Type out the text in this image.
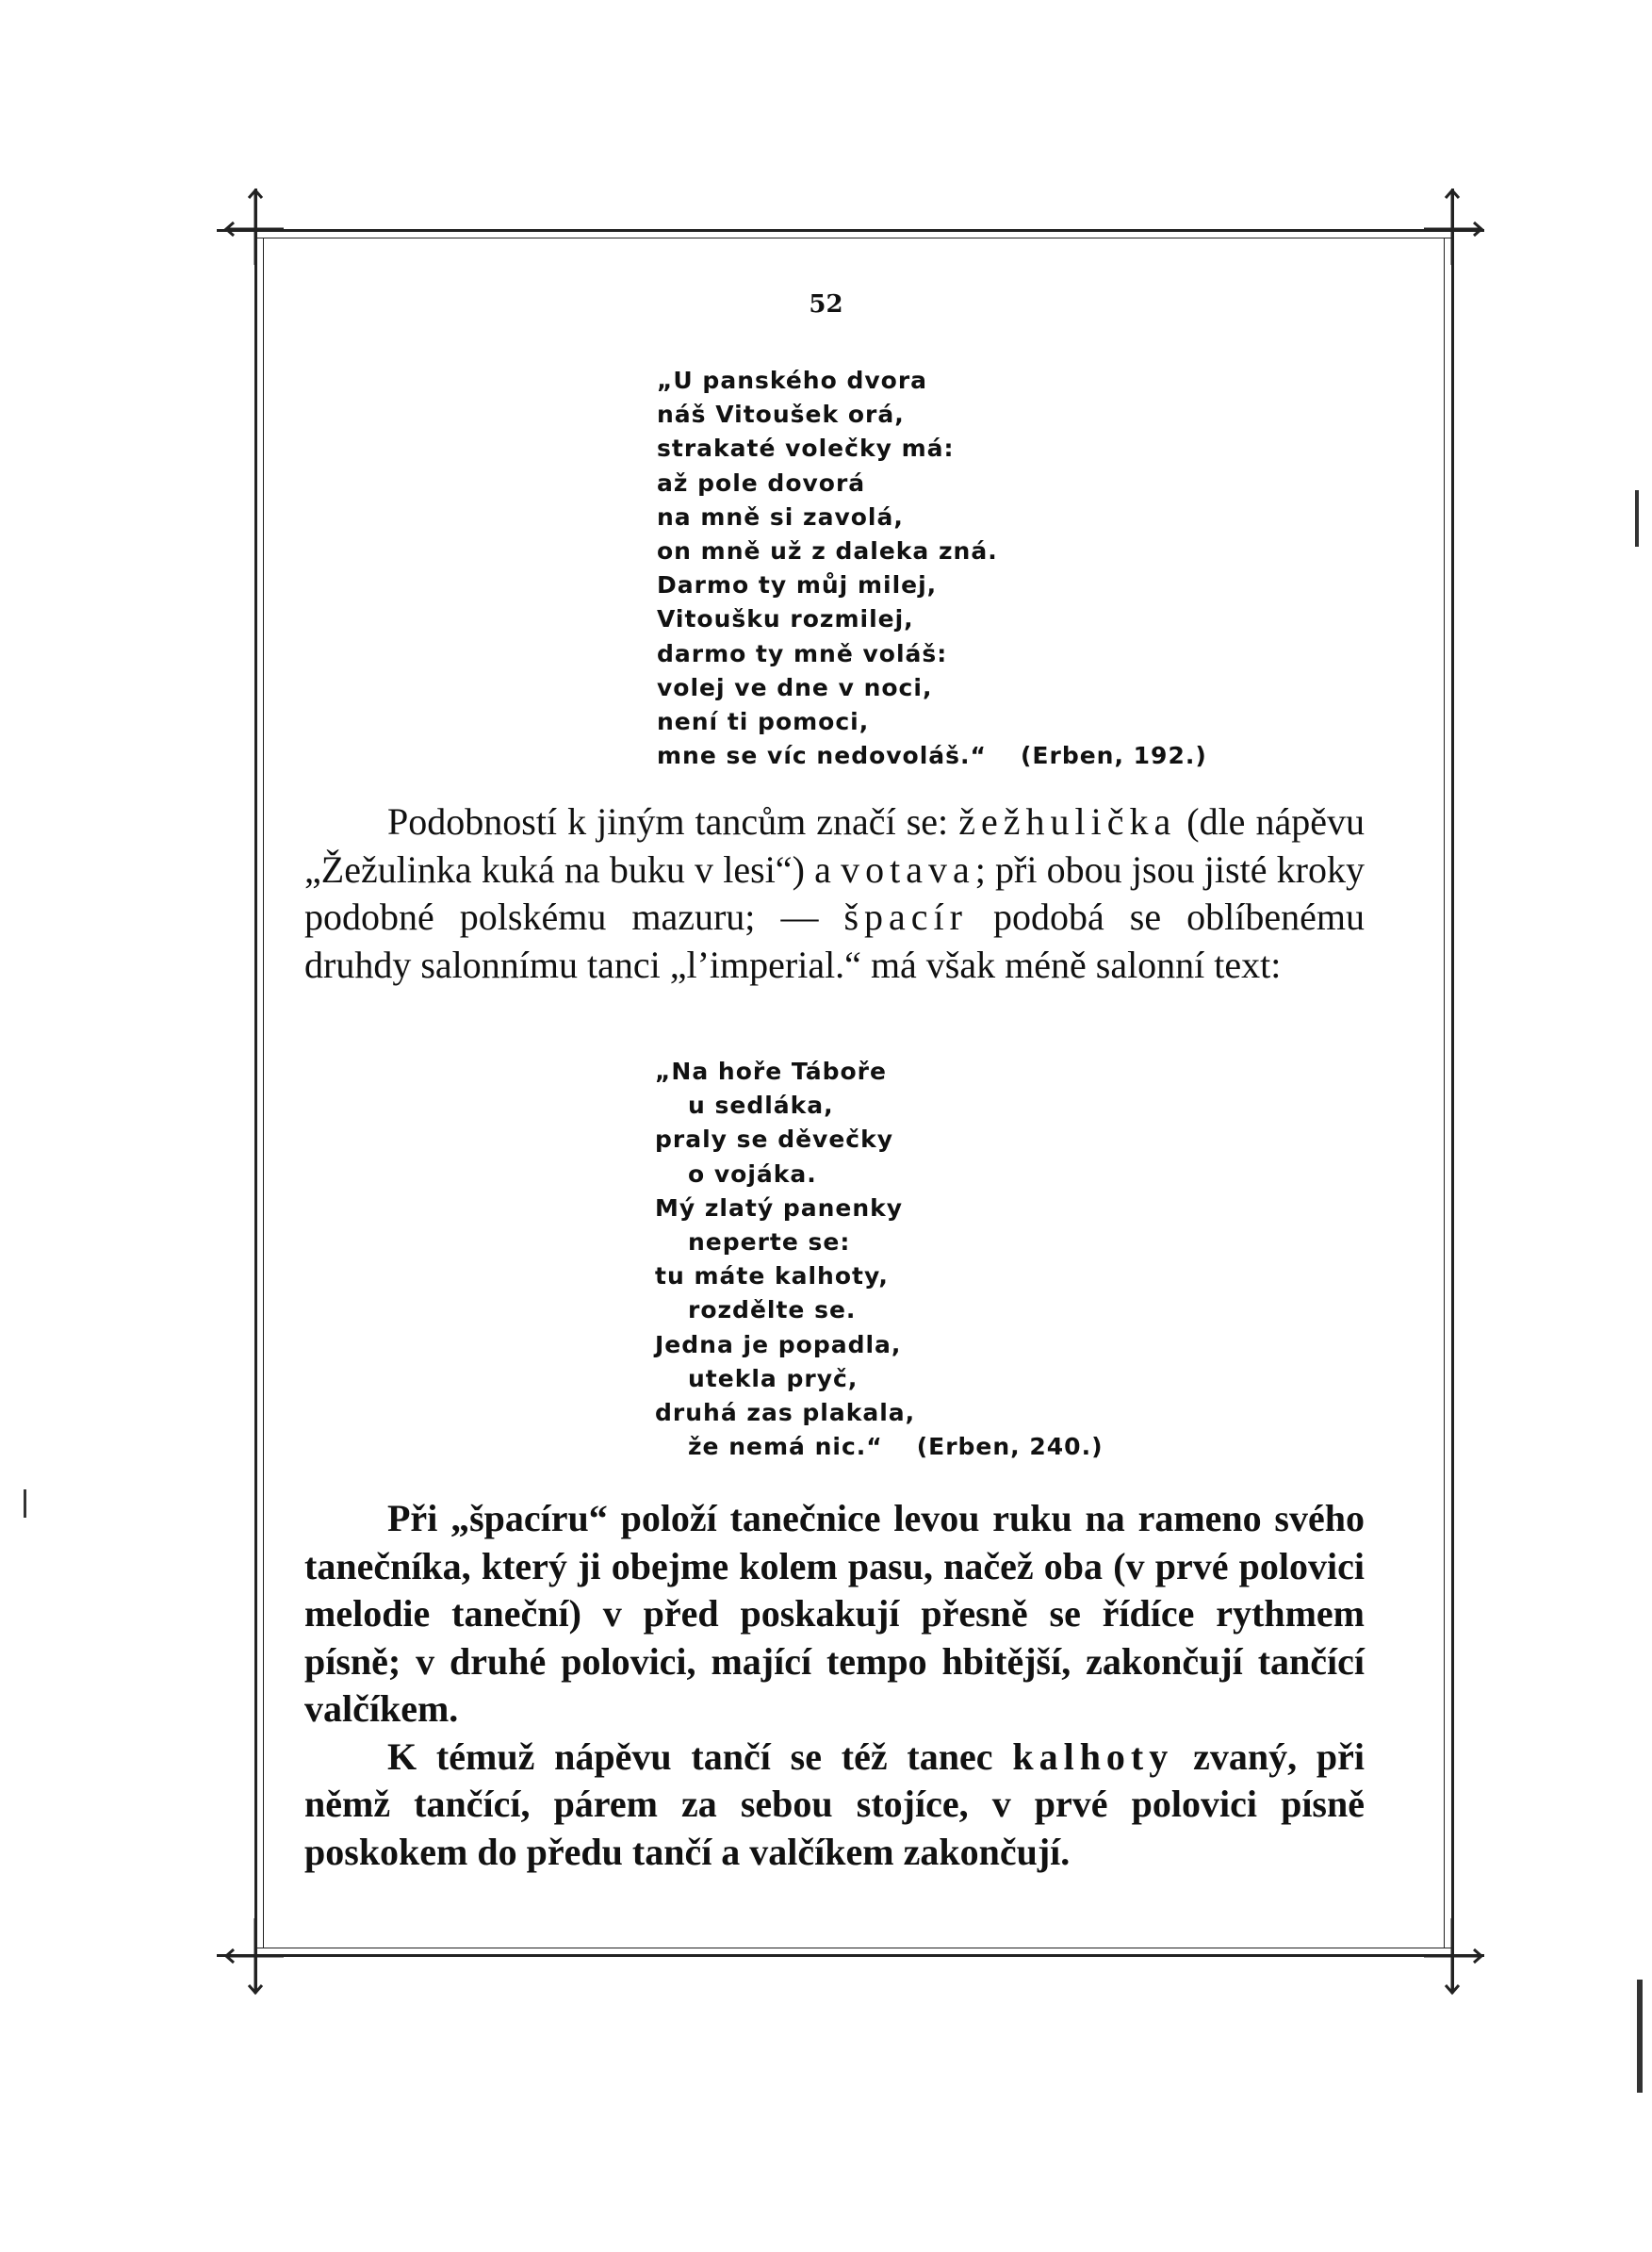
52
„U panského dvora
náš Vitoušek orá,
strakaté volečky má:
až pole dovorá
na mně si zavolá,
on mně už z daleka zná.
Darmo ty můj milej,
Vitoušku rozmilej,
darmo ty mně voláš:
volej ve dne v noci,
není ti pomoci,
mne se víc nedovoláš.“ (Erben, 192.)

Podobností k jiným tancům značí se: žežhulička (dle nápěvu „Žežulinka kuká na buku v lesi“) a votava; při obou jsou jisté kroky podobné polskému mazuru; — špacír podobá se oblíbenému druhdy salonnímu tanci „l’imperial.“ má však méně salonní text:

„Na hoře Táboře
u sedláka,
praly se děvečky
o vojáka.
Mý zlatý panenky
neperte se:
tu máte kalhoty,
rozdělte se.
Jedna je popadla,
utekla pryč,
druhá zas plakala,
že nemá nic.“ (Erben, 240.)

Při „špacíru“ položí tanečnice levou ruku na rameno svého tanečníka, který ji obejme kolem pasu, načež oba (v prvé polovici melodie taneční) v před poskakují přesně se řídíce rythmem písně; v druhé polovici, mající tempo hbitější, zakončují tančící valčíkem.

K témuž nápěvu tančí se též tanec kalhoty zvaný, při němž tančící, párem za sebou stojíce, v prvé polovici písně poskokem do předu tančí a valčíkem zakončují.
